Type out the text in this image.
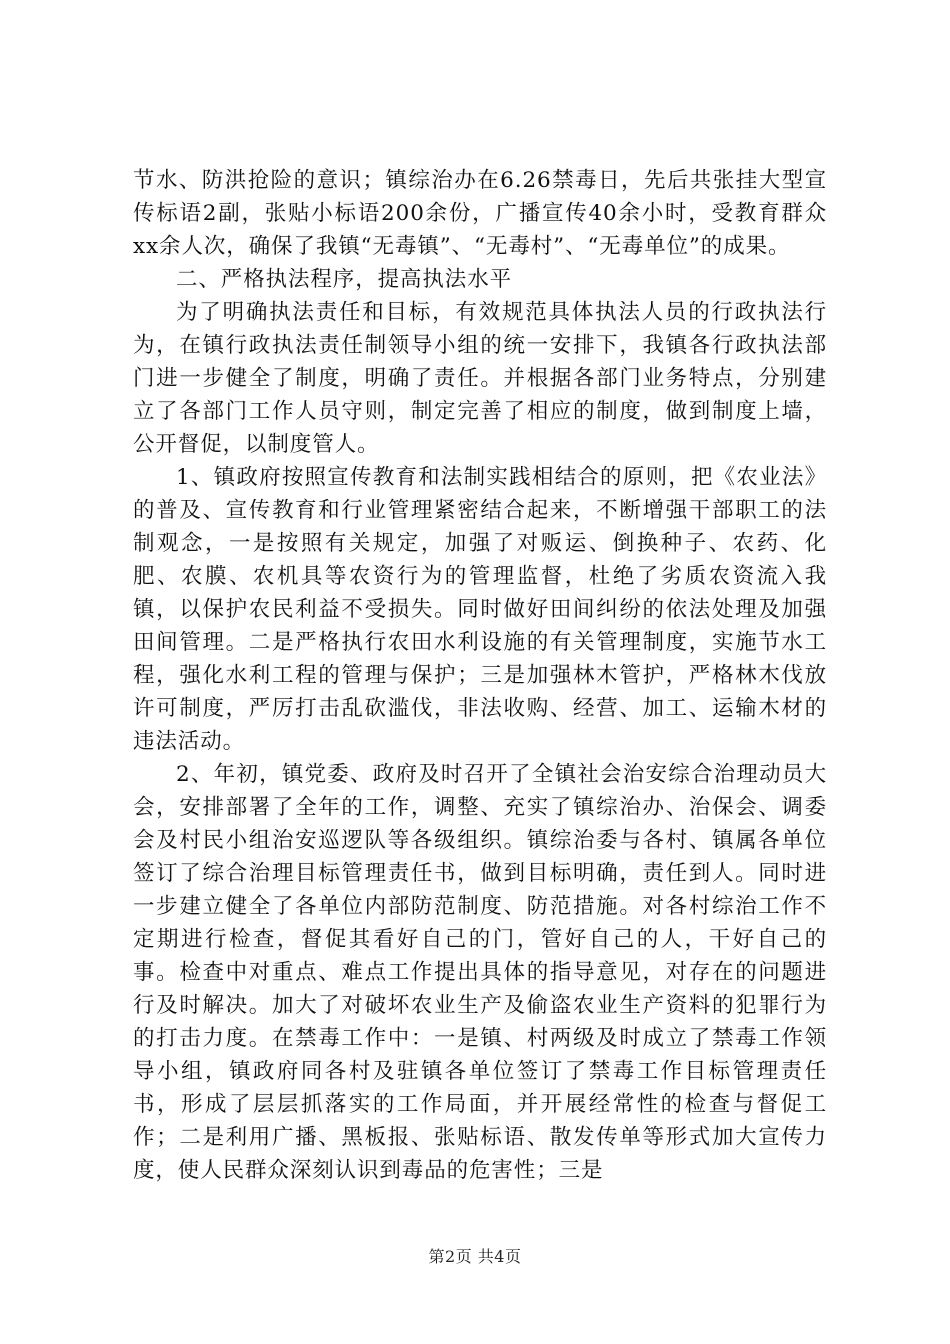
节水、防洪抢险的意识；镇综治办在6.26禁毒日，先后共张挂大型宣传标语2副，张贴小标语200余份，广播宣传40余小时，受教育群众xx余人次，确保了我镇“无毒镇”、“无毒村”、“无毒单位”的成果。

二、严格执法程序，提高执法水平

为了明确执法责任和目标，有效规范具体执法人员的行政执法行为，在镇行政执法责任制领导小组的统一安排下，我镇各行政执法部门进一步健全了制度，明确了责任。并根据各部门业务特点，分别建立了各部门工作人员守则，制定完善了相应的制度，做到制度上墙，公开督促，以制度管人。

1、镇政府按照宣传教育和法制实践相结合的原则，把《农业法》的普及、宣传教育和行业管理紧密结合起来，不断增强干部职工的法制观念，一是按照有关规定，加强了对贩运、倒换种子、农药、化肥、农膜、农机具等农资行为的管理监督，杜绝了劣质农资流入我镇，以保护农民利益不受损失。同时做好田间纠纷的依法处理及加强田间管理。二是严格执行农田水利设施的有关管理制度，实施节水工程，强化水利工程的管理与保护；三是加强林木管护，严格林木伐放许可制度，严厉打击乱砍滥伐，非法收购、经营、加工、运输木材的违法活动。

2、年初，镇党委、政府及时召开了全镇社会治安综合治理动员大会，安排部署了全年的工作，调整、充实了镇综治办、治保会、调委会及村民小组治安巡逻队等各级组织。镇综治委与各村、镇属各单位签订了综合治理目标管理责任书，做到目标明确，责任到人。同时进一步建立健全了各单位内部防范制度、防范措施。对各村综治工作不定期进行检查，督促其看好自己的门，管好自己的人，干好自己的事。检查中对重点、难点工作提出具体的指导意见，对存在的问题进行及时解决。加大了对破坏农业生产及偷盗农业生产资料的犯罪行为的打击力度。在禁毒工作中：一是镇、村两级及时成立了禁毒工作领导小组，镇政府同各村及驻镇各单位签订了禁毒工作目标管理责任书，形成了层层抓落实的工作局面，并开展经常性的检查与督促工作；二是利用广播、黑板报、张贴标语、散发传单等形式加大宣传力度，使人民群众深刻认识到毒品的危害性；三是

第2页 共4页
